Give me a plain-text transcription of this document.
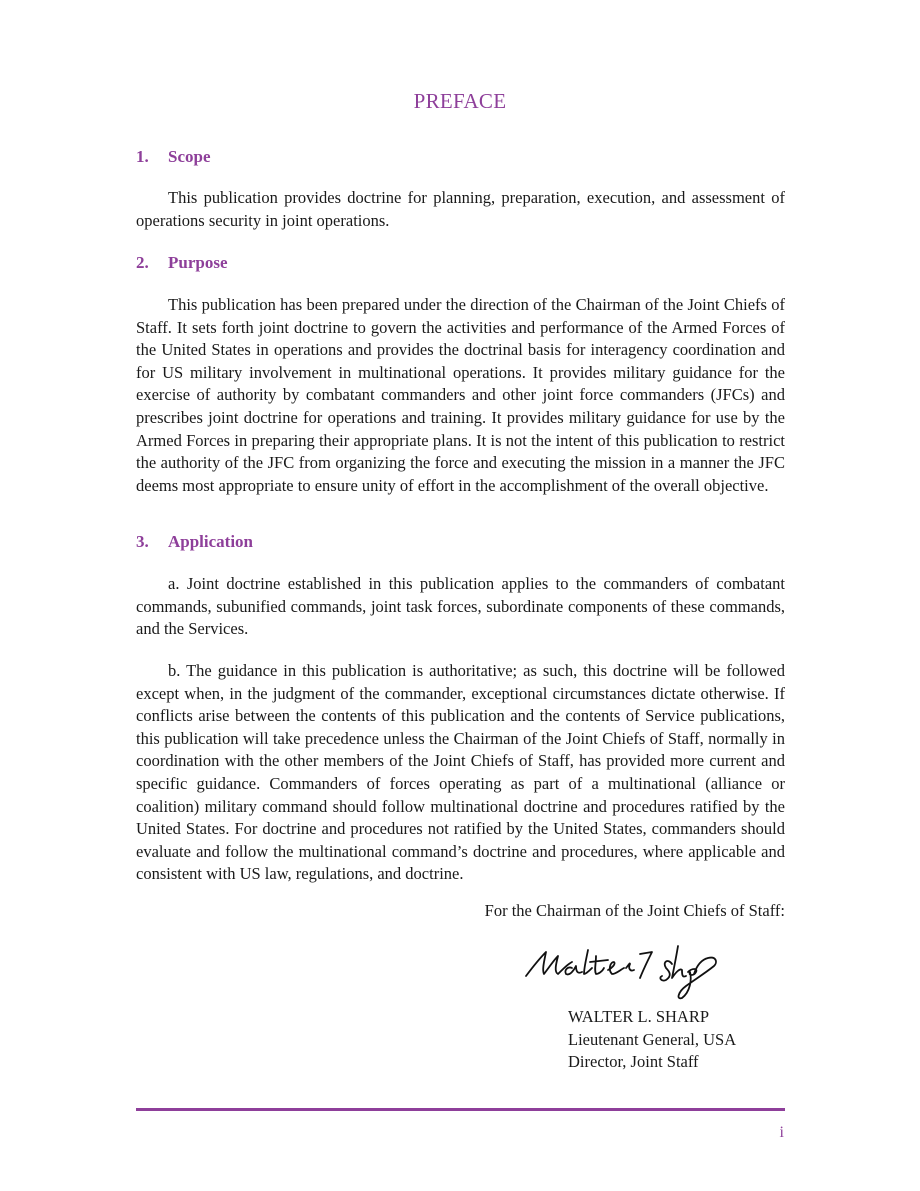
PREFACE
1. Scope

This publication provides doctrine for planning, preparation, execution, and assessment of operations security in joint operations.

2. Purpose

This publication has been prepared under the direction of the Chairman of the Joint Chiefs of Staff. It sets forth joint doctrine to govern the activities and performance of the Armed Forces of the United States in operations and provides the doctrinal basis for interagency coordination and for US military involvement in multinational operations. It provides military guidance for the exercise of authority by combatant commanders and other joint force commanders (JFCs) and prescribes joint doctrine for operations and training. It provides military guidance for use by the Armed Forces in preparing their appropriate plans. It is not the intent of this publication to restrict the authority of the JFC from organizing the force and executing the mission in a manner the JFC deems most appropriate to ensure unity of effort in the accomplishment of the overall objective.

3. Application

a. Joint doctrine established in this publication applies to the commanders of combatant commands, subunified commands, joint task forces, subordinate components of these commands, and the Services.

b. The guidance in this publication is authoritative; as such, this doctrine will be followed except when, in the judgment of the commander, exceptional circumstances dictate otherwise. If conflicts arise between the contents of this publication and the contents of Service publications, this publication will take precedence unless the Chairman of the Joint Chiefs of Staff, normally in coordination with the other members of the Joint Chiefs of Staff, has provided more current and specific guidance. Commanders of forces operating as part of a multinational (alliance or coalition) military command should follow multinational doctrine and procedures ratified by the United States. For doctrine and procedures not ratified by the United States, commanders should evaluate and follow the multinational command’s doctrine and procedures, where applicable and consistent with US law, regulations, and doctrine.

For the Chairman of the Joint Chiefs of Staff:
WALTER L. SHARP
Lieutenant General, USA
Director, Joint Staff
i
